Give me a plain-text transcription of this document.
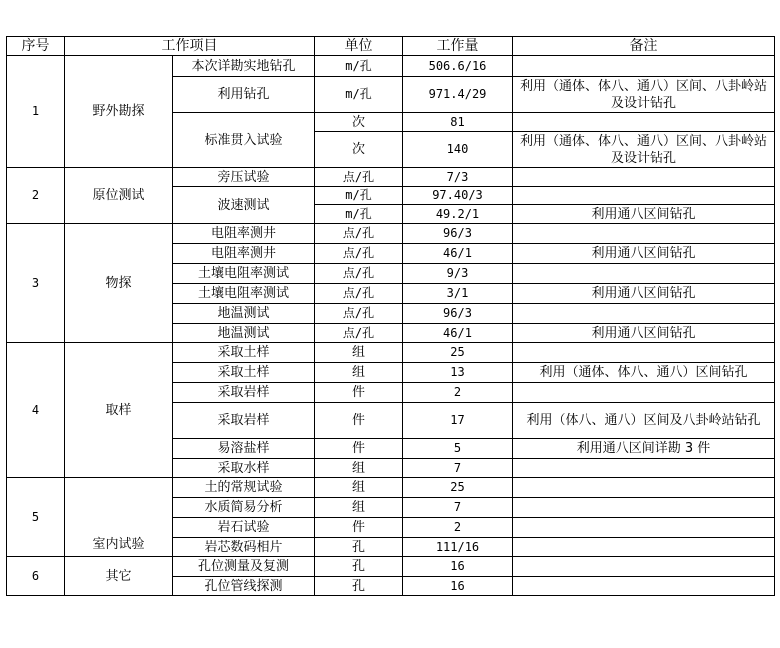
序号	工作项目		单位	工作量	备注
1	野外勘探	本次详勘实地钻孔	m/孔	506.6/16	
		利用钻孔	m/孔	971.4/29	利用（通体、体八、通八）区间、八卦岭站及设计钻孔
		标准贯入试验	次	81	
			次	140	利用（通体、体八、通八）区间、八卦岭站及设计钻孔
2	原位测试	旁压试验	点/孔	7/3	
		波速测试	m/孔	97.40/3	
			m/孔	49.2/1	利用通八区间钻孔
3	物探	电阻率测井	点/孔	96/3	
		电阻率测井	点/孔	46/1	利用通八区间钻孔
		土壤电阻率测试	点/孔	9/3	
		土壤电阻率测试	点/孔	3/1	利用通八区间钻孔
		地温测试	点/孔	96/3	
		地温测试	点/孔	46/1	利用通八区间钻孔
4	取样	采取土样	组	25	
		采取土样	组	13	利用（通体、体八、通八）区间钻孔
		采取岩样	件	2	
		采取岩样	件	17	利用（体八、通八）区间及八卦岭站钻孔
		易溶盐样	件	5	利用通八区间详勘 3 件
		采取水样	组	7	
5	室内试验	土的常规试验	组	25	
		水质简易分析	组	7	
		岩石试验	件	2	
		岩芯数码相片	孔	111/16	
6	其它	孔位测量及复测	孔	16	
		孔位管线探测	孔	16	
